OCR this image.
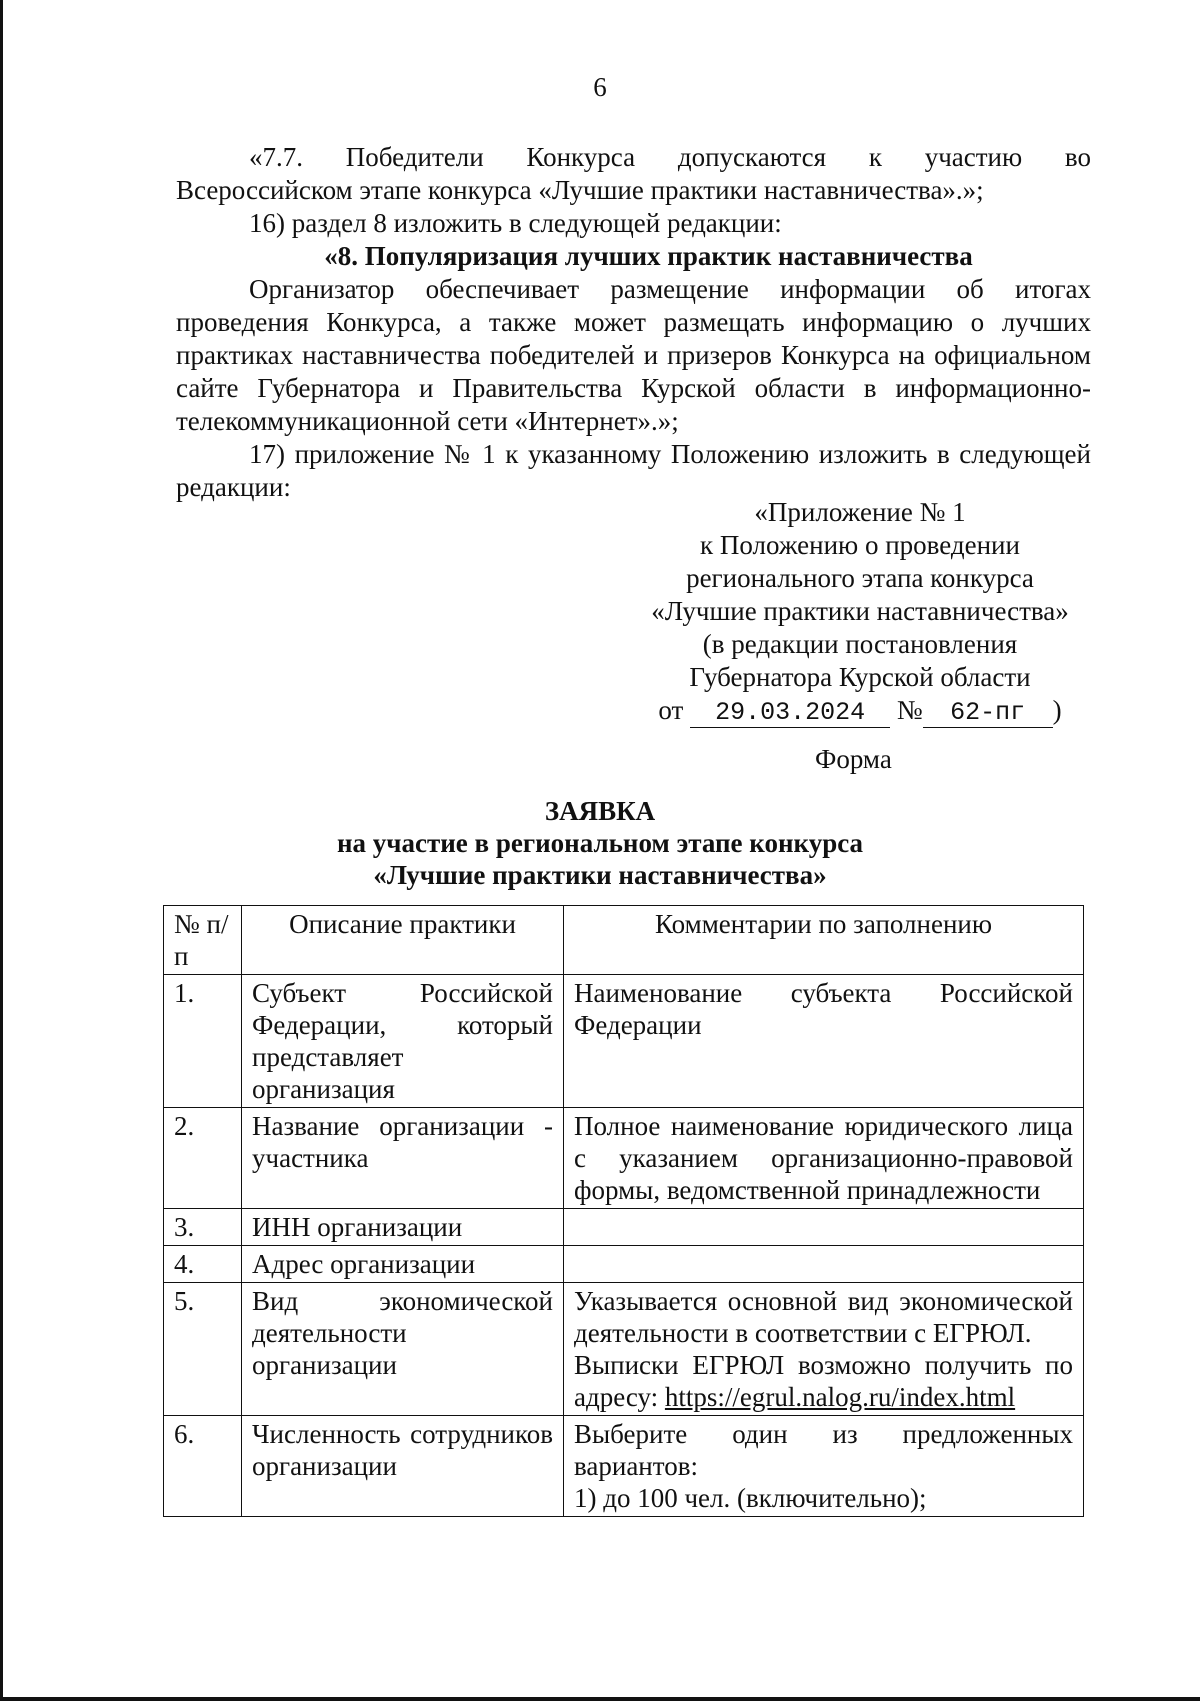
6

«7.7. Победители Конкурса допускаются к участию во

Всероссийском этапе конкурса «Лучшие практики наставничества».»;

16) раздел 8 изложить в следующей редакции:

«8. Популяризация лучших практик наставничества

Организатор обеспечивает размещение информации об итогах проведения Конкурса, а также может размещать информацию о лучших практиках наставничества победителей и призеров Конкурса на официальном сайте Губернатора и Правительства Курской области в информационно-телекоммуникационной сети «Интернет».»;

17) приложение № 1 к указанному Положению изложить в следующей редакции:

«Приложение № 1
к Положению о проведении
регионального этапа конкурса
«Лучшие практики наставничества»
(в редакции постановления
Губернатора Курской области
от 29.03.2024 № 62-пг )
Форма
ЗАЯВКА
на участие в региональном этапе конкурса
«Лучшие практики наставничества»
№ п/п	Описание практики	Комментарии по заполнению
1.	Субъект Российской Федерации, который представляет организация	Наименование субъекта Российской Федерации
2.	Название организации - участника	Полное наименование юридического лица с указанием организационно-правовой формы, ведомственной принадлежности
3.	ИНН организации	
4.	Адрес организации	
5.	Вид экономической деятельности организации	Указывается основной вид экономической деятельности в соответствии с ЕГРЮЛ.
Выписки ЕГРЮЛ возможно получить по адресу: https://egrul.nalog.ru/index.html

6.	Численность сотрудников организации	Выберите один из предложенных вариантов:
1) до 100 чел. (включительно);
